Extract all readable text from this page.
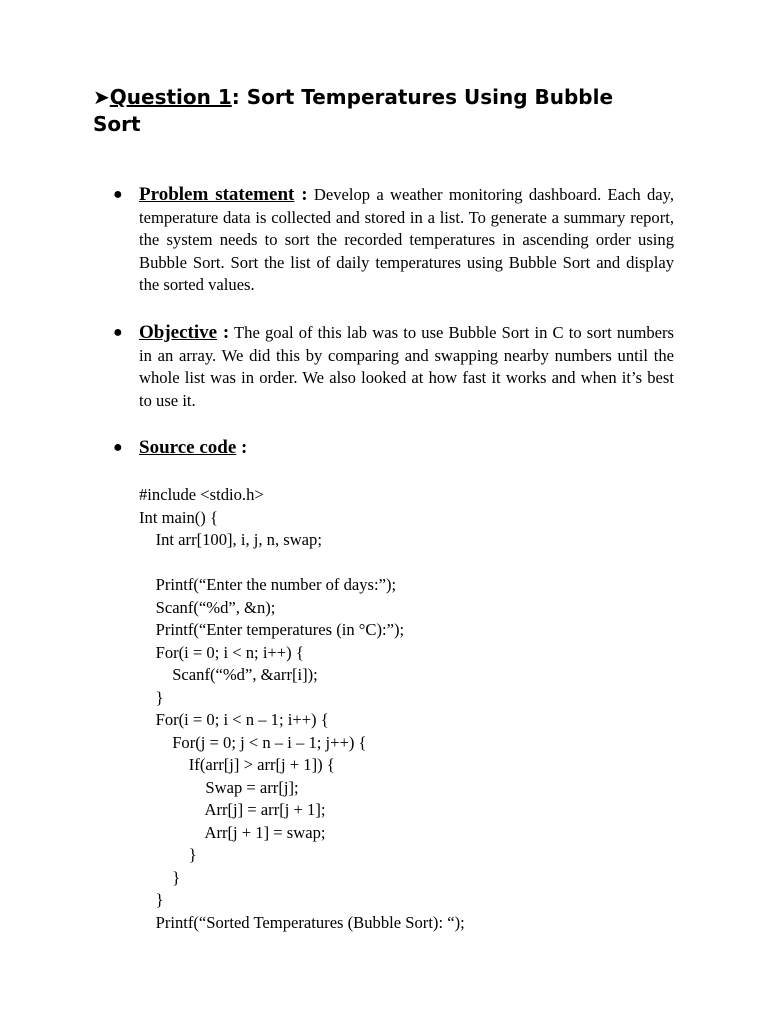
➤Question 1: Sort Temperatures Using Bubble Sort
● Problem statement : Develop a weather monitoring dashboard. Each day, temperature data is collected and stored in a list. To generate a summary report, the system needs to sort the recorded temperatures in ascending order using Bubble Sort. Sort the list of daily temperatures using Bubble Sort and display the sorted values.
● Objective : The goal of this lab was to use Bubble Sort in C to sort numbers in an array. We did this by comparing and swapping nearby numbers until the whole list was in order. We also looked at how fast it works and when it’s best to use it.
● Source code :
#include <stdio.h>
Int main() {
Int arr[100], i, j, n, swap;
Printf(“Enter the number of days:”);
Scanf(“%d”, &n);
Printf(“Enter temperatures (in °C):”);
For(i = 0; i < n; i++) {
Scanf(“%d”, &arr[i]);
}
For(i = 0; i < n – 1; i++) {
For(j = 0; j < n – i – 1; j++) {
If(arr[j] > arr[j + 1]) {
Swap = arr[j];
Arr[j] = arr[j + 1];
Arr[j + 1] = swap;
}
}
}
Printf(“Sorted Temperatures (Bubble Sort): “);
